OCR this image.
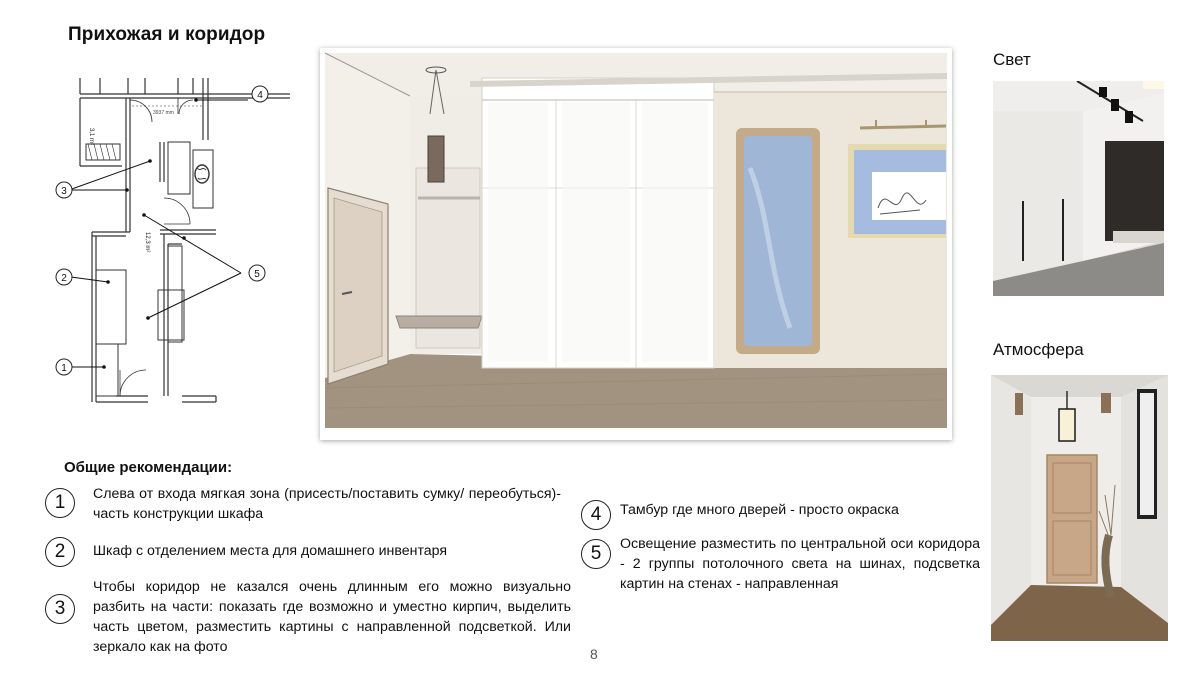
Прихожая и коридор
3,1 m²
12,3 m²
3937 mm
3
4
5
2
1
Свет
Атмосфера
Общие рекомендации:
1	Слева от входа мягкая зона (присесть/поставить сумку/ переобуться)- часть конструкции шкафа
2	Шкаф с отделением места для домашнего инвентаря
3
Чтобы коридор не казался очень длинным его можно визуально разбить на части: показать где возможно и уместно кирпич, выделить часть цветом, разместить картины с направленной подсветкой. Или зеркало как на фото
4	Тамбур где много дверей - просто окраска
5	Освещение разместить по центральной оси коридора - 2 группы потолочного света на шинах, подсветка картин на стенах - направленная
8
